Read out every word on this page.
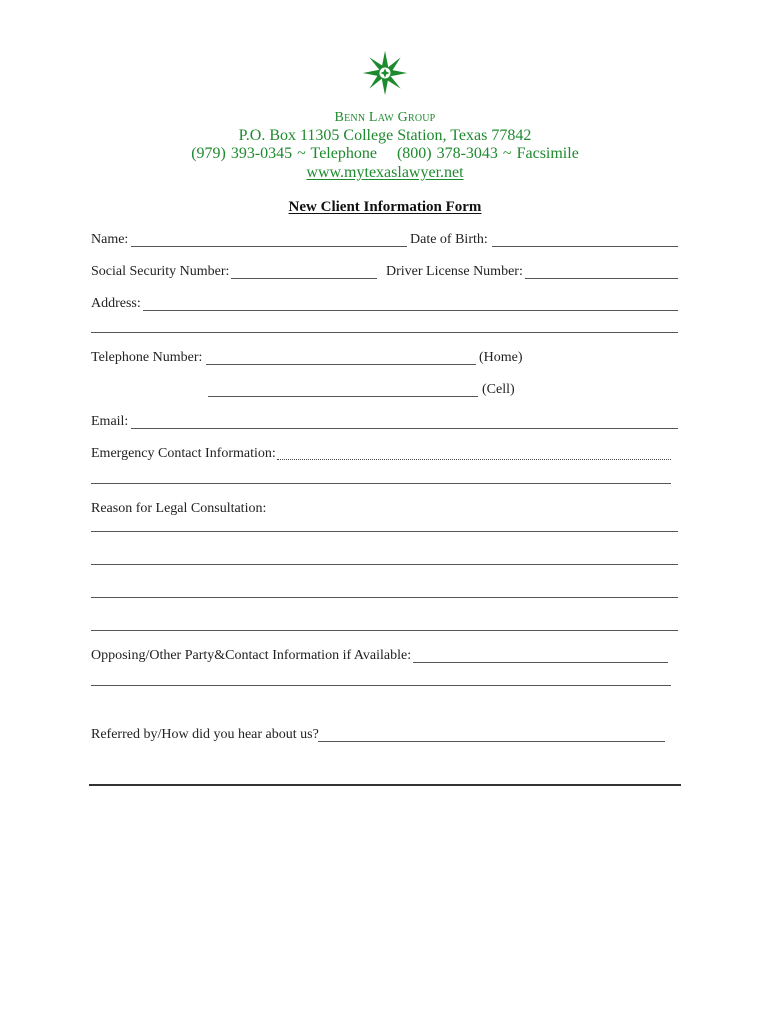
Benn Law Group
P.O. Box 11305 College Station, Texas 77842
(979) 393-0345 ~ Telephone    (800) 378-3043 ~ Facsimile
www.mytexaslawyer.net
New Client Information Form
Name:	Date of Birth:
Social Security Number:	Driver License Number:
Address:
Telephone Number:	(Home)
(Cell)
Email:
Emergency Contact Information:
Reason for Legal Consultation:
Opposing/Other Party&Contact Information if Available:
Referred by/How did you hear about us?
